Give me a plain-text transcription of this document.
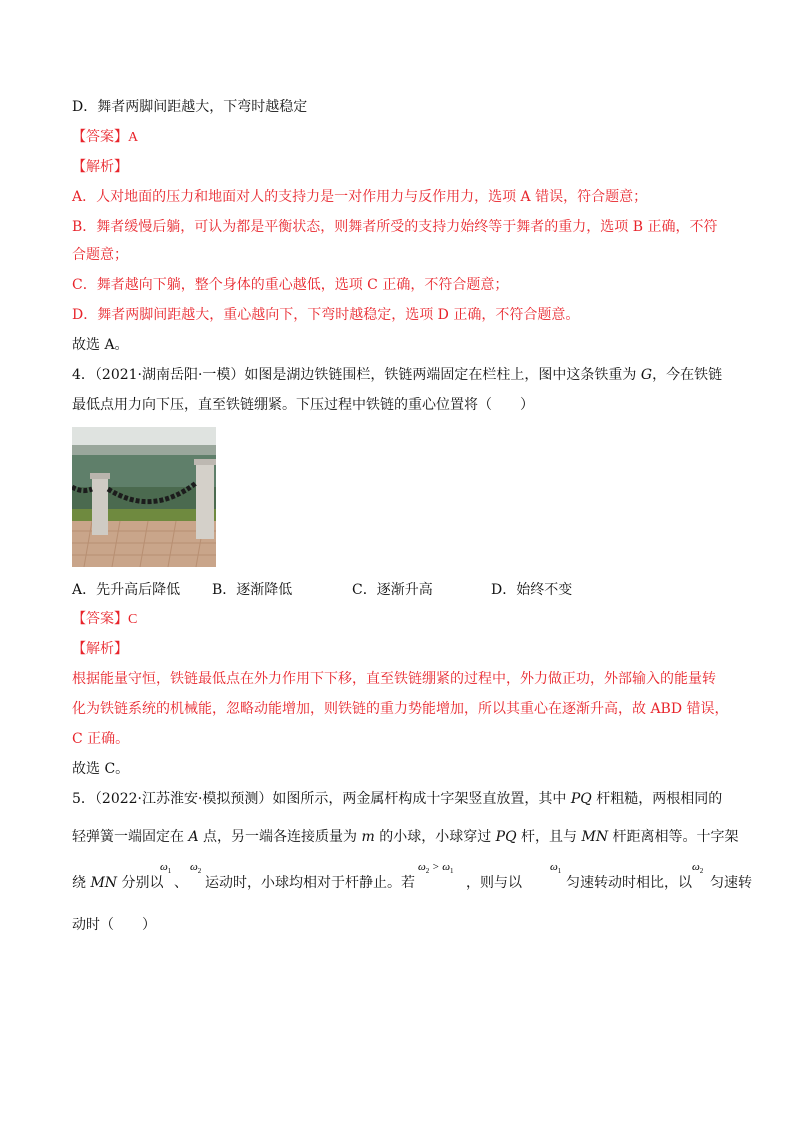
D．舞者两脚间距越大，下弯时越稳定
【答案】A
【解析】
A．人对地面的压力和地面对人的支持力是一对作用力与反作用力，选项 A 错误，符合题意；
B．舞者缓慢后躺，可认为都是平衡状态，则舞者所受的支持力始终等于舞者的重力，选项 B 正确，不符
合题意；
C．舞者越向下躺，整个身体的重心越低，选项 C 正确，不符合题意；
D．舞者两脚间距越大，重心越向下，下弯时越稳定，选项 D 正确，不符合题意。
故选 A。
4．（2021·湖南岳阳·一模）如图是湖边铁链围栏，铁链两端固定在栏柱上，图中这条铁重为 G，今在铁链
最低点用力向下压，直至铁链绷紧。下压过程中铁链的重心位置将（　　）
A．先升高后降低 B．逐渐降低	C．逐渐升高	D．始终不变
【答案】C
【解析】
根据能量守恒，铁链最低点在外力作用下下移，直至铁链绷紧的过程中，外力做正功，外部输入的能量转
化为铁链系统的机械能，忽略动能增加，则铁链的重力势能增加，所以其重心在逐渐升高，故 ABD 错误，
C 正确。
故选 C。
5．（2022·江苏淮安·模拟预测）如图所示，两金属杆构成十字架竖直放置，其中 PQ 杆粗糙，两根相同的
轻弹簧一端固定在 A 点，另一端各连接质量为 m 的小球，小球穿过 PQ 杆，且与 MN 杆距离相等。十字架
绕 MN 分别以
$\omega_1$
、
$\omega_2$
运动时，小球均相对于杆静止。若
$\omega_2 > \omega_1$
，则与以
$\omega_1$
匀速转动时相比，以
$\omega_2$
匀速转
动时（　　）
